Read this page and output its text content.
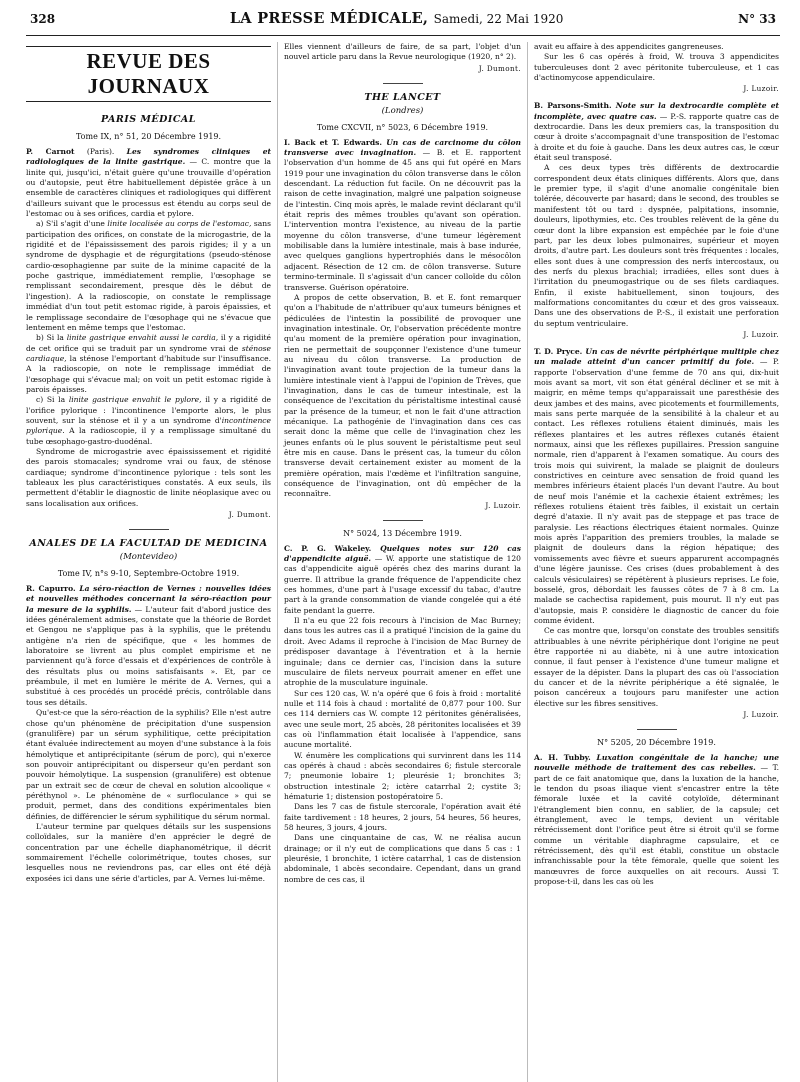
328	LA PRESSE MÉDICALE, Samedi, 22 Mai 1920	N° 33
REVUE DES JOURNAUX
PARIS MÉDICAL
Tome IX, n° 51, 20 Décembre 1919.

P. Carnot (Paris). Les syndromes cliniques et radiologiques de la linite gastrique. — C. montre que la linite qui, jusqu'ici, n'était guère qu'une trouvaille d'opération ou d'autopsie, peut être habituellement dépistée grâce à un ensemble de caractères cliniques et radiologiques qui diffèrent d'ailleurs suivant que le processus est étendu au corps seul de l'estomac ou à ses orifices, cardia et pylore.

a) S'il s'agit d'une linite localisée au corps de l'estomac, sans participation des orifices, on constate de la microgastrie, de la rigidité et de l'épaississement des parois rigides; il y a un syndrome de dysphagie et de régurgitations (pseudo-sténose cardio-œsophagienne par suite de la minime capacité de la poche gastrique, immédiatement remplie, l'œsophage se remplissant secondairement, presque dès le début de l'ingestion). A la radioscopie, on constate le remplissage immédiat d'un tout petit estomac rigide, à parois épaissies, et le remplissage secondaire de l'œsophage qui ne s'évacue que lentement en même temps que l'estomac.

b) Si la linite gastrique envahit aussi le cardia, il y a rigidité de cet orifice qui se traduit par un syndrome vrai de sténose cardiaque, la sténose l'emportant d'habitude sur l'insuffisance. A la radioscopie, on note le remplissage immédiat de l'œsophage qui s'évacue mal; on voit un petit estomac rigide à parois épaisses.

c) Si la linite gastrique envahit le pylore, il y a rigidité de l'orifice pylorique : l'incontinence l'emporte alors, le plus souvent, sur la sténose et il y a un syndrome d'incontinence pylorique. A la radioscopie, il y a remplissage simultané du tube œsophago-gastro-duodénal.

Syndrome de microgastrie avec épaississement et rigidité des parois stomacales; syndrome vrai ou faux, de sténose cardiaque; syndrome d'incontinence pylorique : tels sont les tableaux les plus caractéristiques constatés. A eux seuls, ils permettent d'établir le diagnostic de linite néoplasique avec ou sans localisation aux orifices.

J. Dumont.
ANALES DE LA FACULTAD DE MEDICINA
(Montevideo)
Tome IV, n°s 9-10, Septembre-Octobre 1919.

R. Capurro. La séro-réaction de Vernes : nouvelles idées et nouvelles méthodes concernant la séro-réaction pour la mesure de la syphilis. — L'auteur fait d'abord justice des idées généralement admises, constate que la théorie de Bordet et Gengou ne s'applique pas à la syphilis, que le prétendu antigène n'a rien de spécifique, que « les hommes de laboratoire se livrent au plus complet empirisme et ne parviennent qu'à force d'essais et d'expériences de contrôle à des résultats plus ou moins satisfaisants ». Et, par ce préambule, il met en lumière le mérite de A. Vernes, qui a substitué à ces procédés un procédé précis, contrôlable dans tous ses détails.

Qu'est-ce que la séro-réaction de la syphilis? Elle n'est autre chose qu'un phénomène de précipitation d'une suspension (granulifère) par un sérum syphilitique, cette précipitation étant évaluée indirectement au moyen d'une substance à la fois hémolytique et antiprécipitante (sérum de porc), qui n'exerce son pouvoir antiprécipitant ou disperseur qu'en perdant son pouvoir hémolytique. La suspension (granulifère) est obtenue par un extrait sec de cœur de cheval en solution alcoolique « péréthynol ». Le phénomène de « surfloculance » qui se produit, permet, dans des conditions expérimentales bien définies, de différencier le sérum syphilitique du sérum normal.

L'auteur termine par quelques détails sur les suspensions colloïdales, sur la manière d'en apprécier le degré de concentration par une échelle diaphanométrique, il décrit sommairement l'échelle colorimétrique, toutes choses, sur lesquelles nous ne reviendrons pas, car elles ont été déjà exposées ici dans une série d'articles, par A. Vernes lui-même.

Elles viennent d'ailleurs de faire, de sa part, l'objet d'un nouvel article paru dans la Revue neurologique (1920, n° 2).

J. Dumont.
THE LANCET
(Londres)
Tome CXCVII, n° 5023, 6 Décembre 1919.

I. Back et T. Edwards. Un cas de carcinome du côlon transverse avec invagination. — B. et E. rapportent l'observation d'un homme de 45 ans qui fut opéré en Mars 1919 pour une invagination du côlon transverse dans le côlon descendant. La réduction fut facile. On ne découvrit pas la raison de cette invagination, malgré une palpation soigneuse de l'intestin. Cinq mois après, le malade revint déclarant qu'il était repris des mêmes troubles qu'avant son opération. L'intervention montra l'existence, au niveau de la partie moyenne du côlon transverse, d'une tumeur légèrement mobilisable dans la lumière intestinale, mais à base indurée, avec quelques ganglions hypertrophiés dans le mésocôlon adjacent. Résection de 12 cm. de côlon transverse. Suture termino-terminale. Il s'agissait d'un cancer colloïde du côlon transverse. Guérison opératoire.

A propos de cette observation, B. et E. font remarquer qu'on a l'habitude de n'attribuer qu'aux tumeurs bénignes et pédiculées de l'intestin la possibilité de provoquer une invagination intestinale. Or, l'observation précédente montre qu'au moment de la première opération pour invagination, rien ne permettait de soupçonner l'existence d'une tumeur au niveau du côlon transverse. La production de l'invagination avant toute projection de la tumeur dans la lumière intestinale vient à l'appui de l'opinion de Trèves, que l'invagination, dans le cas de tumeur intestinale, est la conséquence de l'excitation du péristaltisme intestinal causé par la présence de la tumeur, et non le fait d'une attraction mécanique. La pathogénie de l'invagination dans ces cas serait donc la même que celle de l'invagination chez les jeunes enfants où le plus souvent le péristaltisme peut seul être mis en cause. Dans le présent cas, la tumeur du côlon transverse devait certainement exister au moment de la première opération, mais l'œdème et l'infiltration sanguine, conséquence de l'invagination, ont dû empêcher de la reconnaître.

J. Luzoir.
N° 5024, 13 Décembre 1919.

C. P. G. Wakeley. Quelques notes sur 120 cas d'appendicite aiguë. — W. apporte une statistique de 120 cas d'appendicite aiguë opérés chez des marins durant la guerre. Il attribue la grande fréquence de l'appendicite chez ces hommes, d'une part à l'usage excessif du tabac, d'autre part à la grande consommation de viande congelée qui a été faite pendant la guerre.

Il n'a eu que 22 fois recours à l'incision de Mac Burney; dans tous les autres cas il a pratiqué l'incision de la gaine du droit. Avec Adams il reproche à l'incision de Mac Burney de prédisposer davantage à l'éventration et à la hernie inguinale; dans ce dernier cas, l'incision dans la suture musculaire de filets nerveux pourrait amener en effet une atrophie de la musculature inguinale.

Sur ces 120 cas, W. n'a opéré que 6 fois à froid : mortalité nulle et 114 fois à chaud : mortalité de 0,877 pour 100. Sur ces 114 derniers cas W. compte 12 péritonites généralisées, avec une seule mort, 25 abcès, 28 péritonites localisées et 39 cas où l'inflammation était localisée à l'appendice, sans aucune mortalité.

W. énumère les complications qui survinrent dans les 114 cas opérés à chaud : abcès secondaires 6; fistule stercorale 7; pneumonie lobaire 1; pleurésie 1; bronchites 3; obstruction intestinale 2; ictère catarrhal 2; cystite 3; hématurie 1; distension postopératoire 5.

Dans les 7 cas de fistule stercorale, l'opération avait été faite tardivement : 18 heures, 2 jours, 54 heures, 56 heures, 58 heures, 3 jours, 4 jours.

Dans une cinquantaine de cas, W. ne réalisa aucun drainage; or il n'y eut de complications que dans 5 cas : 1 pleurésie, 1 bronchite, 1 ictère catarrhal, 1 cas de distension abdominale, 1 abcès secondaire. Cependant, dans un grand nombre de ces cas, il

avait eu affaire à des appendicites gangreneuses.

Sur les 6 cas opérés à froid, W. trouva 3 appendicites tuberculeuses dont 2 avec péritonite tuberculeuse, et 1 cas d'actinomycose appendiculaire.

J. Luzoir.

B. Parsons-Smith. Note sur la dextrocardie complète et incomplète, avec quatre cas. — P.-S. rapporte quatre cas de dextrocardie. Dans les deux premiers cas, la transposition du cœur à droite s'accompagnait d'une transposition de l'estomac à droite et du foie à gauche. Dans les deux autres cas, le cœur était seul transposé.

A ces deux types très différents de dextrocardie correspondent deux états cliniques différents. Alors que, dans le premier type, il s'agit d'une anomalie congénitale bien tolérée, découverte par hasard; dans le second, des troubles se manifestent tôt ou tard : dyspnée, palpitations, insomnie, douleurs, lipothymies, etc. Ces troubles relèvent de la gêne du cœur dont la libre expansion est empêchée par le foie d'une part, par les deux lobes pulmonaires, supérieur et moyen droits, d'autre part. Les douleurs sont très fréquentes : locales, elles sont dues à une compression des nerfs intercostaux, ou des nerfs du plexus brachial; irradiées, elles sont dues à l'irritation du pneumogastrique ou de ses filets cardiaques. Enfin, il existe habituellement, sinon toujours, des malformations concomitantes du cœur et des gros vaisseaux. Dans une des observations de P.-S., il existait une perforation du septum ventriculaire.

J. Luzoir.

T. D. Pryce. Un cas de névrite périphérique multiple chez un malade atteint d'un cancer primitif du foie. — P. rapporte l'observation d'une femme de 70 ans qui, dix-huit mois avant sa mort, vit son état général décliner et se mit à maigrir, en même temps qu'apparaissait une paresthésie des deux jambes et des mains, avec picotements et fourmillements, mais sans perte marquée de la sensibilité à la chaleur et au contact. Les réflexes rotuliens étaient diminués, mais les réflexes plantaires et les autres réflexes cutanés étaient normaux, ainsi que les réflexes pupillaires. Pression sanguine normale, rien d'apparent à l'examen somatique. Au cours des trois mois qui suivirent, la malade se plaignit de douleurs constrictives en ceinture avec sensation de froid quand les membres inférieurs étaient placés l'un devant l'autre. Au bout de neuf mois l'anémie et la cachexie étaient extrêmes; les réflexes rotuliens étaient très faibles, il existait un certain degré d'ataxie. Il n'y avait pas de steppage et pas trace de paralysie. Les réactions électriques étaient normales. Quinze mois après l'apparition des premiers troubles, la malade se plaignit de douleurs dans la région hépatique; des vomissements avec fièvre et sueurs apparurent accompagnés d'une légère jaunisse. Ces crises (dues probablement à des calculs vésiculaires) se répétèrent à plusieurs reprises. Le foie, bosselé, gros, débordait les fausses côtes de 7 à 8 cm. La malade se cachectisa rapidement, puis mourut. Il n'y eut pas d'autopsie, mais P. considère le diagnostic de cancer du foie comme évident.

Ce cas montre que, lorsqu'on constate des troubles sensitifs attribuables à une névrite périphérique dont l'origine ne peut être rapportée ni au diabète, ni à une autre intoxication connue, il faut penser à l'existence d'une tumeur maligne et essayer de la dépister. Dans la plupart des cas où l'association du cancer et de la névrite périphérique a été signalée, le poison cancéreux a toujours paru manifester une action élective sur les fibres sensitives.

J. Luzoir.
N° 5205, 20 Décembre 1919.

A. H. Tubby. Luxation congénitale de la hanche; une nouvelle méthode de traitement des cas rebelles. — T. part de ce fait anatomique que, dans la luxation de la hanche, le tendon du psoas iliaque vient s'encastrer entre la tête fémorale luxée et la cavité cotyloïde, déterminant l'étranglement bien connu, en sablier, de la capsule; cet étranglement, avec le temps, devient un véritable rétrécissement dont l'orifice peut être si étroit qu'il se forme comme un véritable diaphragme capsulaire, et ce rétrécissement, dès qu'il est établi, constitue un obstacle infranchissable pour la tête fémorale, quelle que soient les manœuvres de force auxquelles on ait recours. Aussi T. propose-t-il, dans les cas où les
